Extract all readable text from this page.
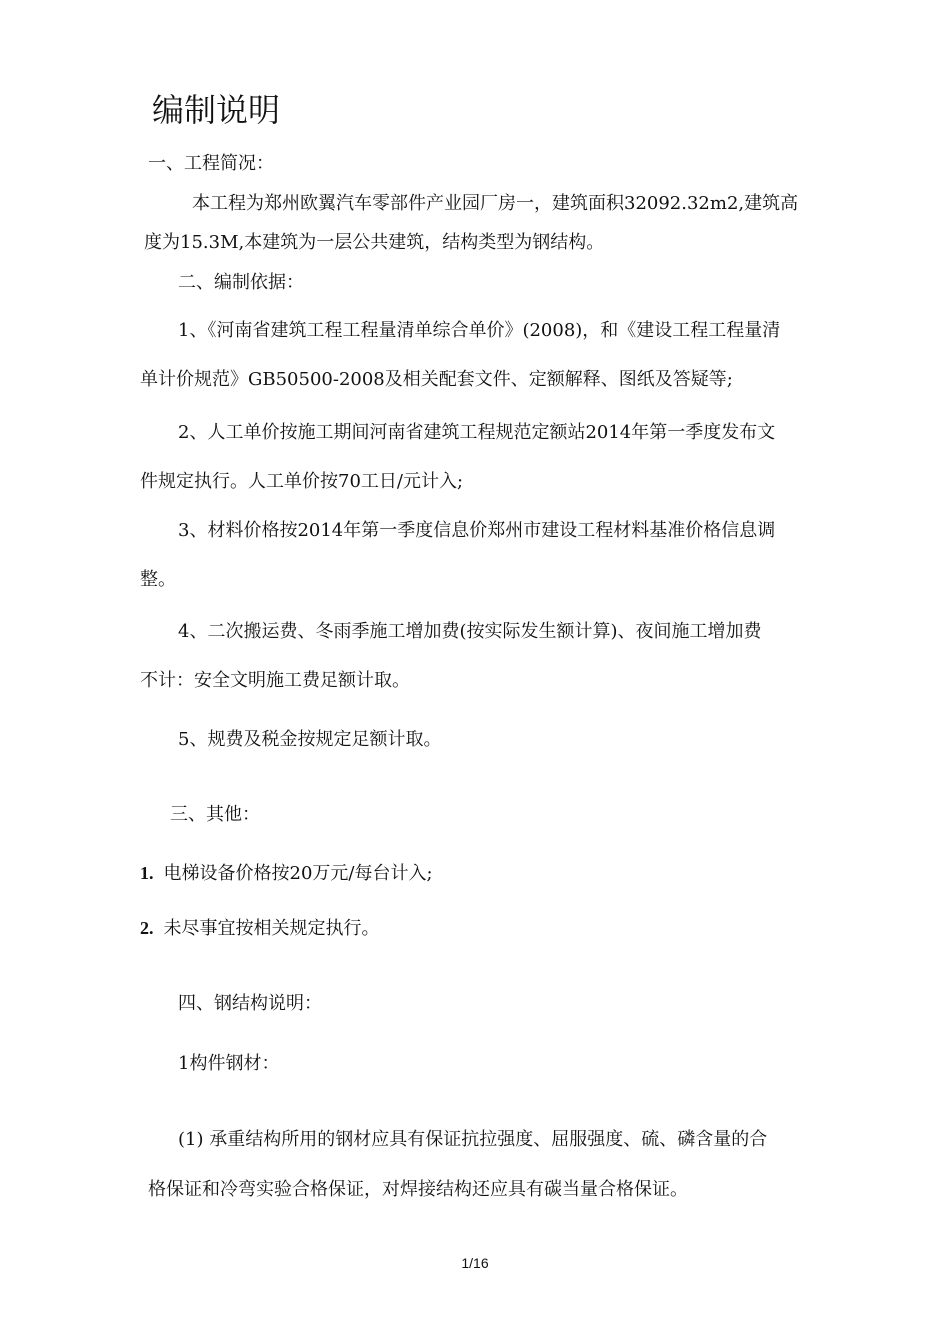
编制说明
一、工程简况：
本工程为郑州欧翼汽车零部件产业园厂房一，建筑面积32092.32m2,建筑高
度为15.3M,本建筑为一层公共建筑，结构类型为钢结构。
二、编制依据：
1、《河南省建筑工程工程量清单综合单价》(2008)，和《建设工程工程量清
单计价规范》GB50500-2008及相关配套文件、定额解释、图纸及答疑等;
2、人工单价按施工期间河南省建筑工程规范定额站2014年第一季度发布文
件规定执行。人工单价按70工日/元计入;
3、材料价格按2014年第一季度信息价郑州市建设工程材料基准价格信息调
整。
4、二次搬运费、冬雨季施工增加费(按实际发生额计算)、夜间施工增加费
不计：安全文明施工费足额计取。
5、规费及税金按规定足额计取。
三、其他：
1. 电梯设备价格按20万元/每台计入;
2. 未尽事宜按相关规定执行。
四、钢结构说明：
1构件钢材：
(1) 承重结构所用的钢材应具有保证抗拉强度、屈服强度、硫、磷含量的合
格保证和冷弯实验合格保证，对焊接结构还应具有碳当量合格保证。
1/16
